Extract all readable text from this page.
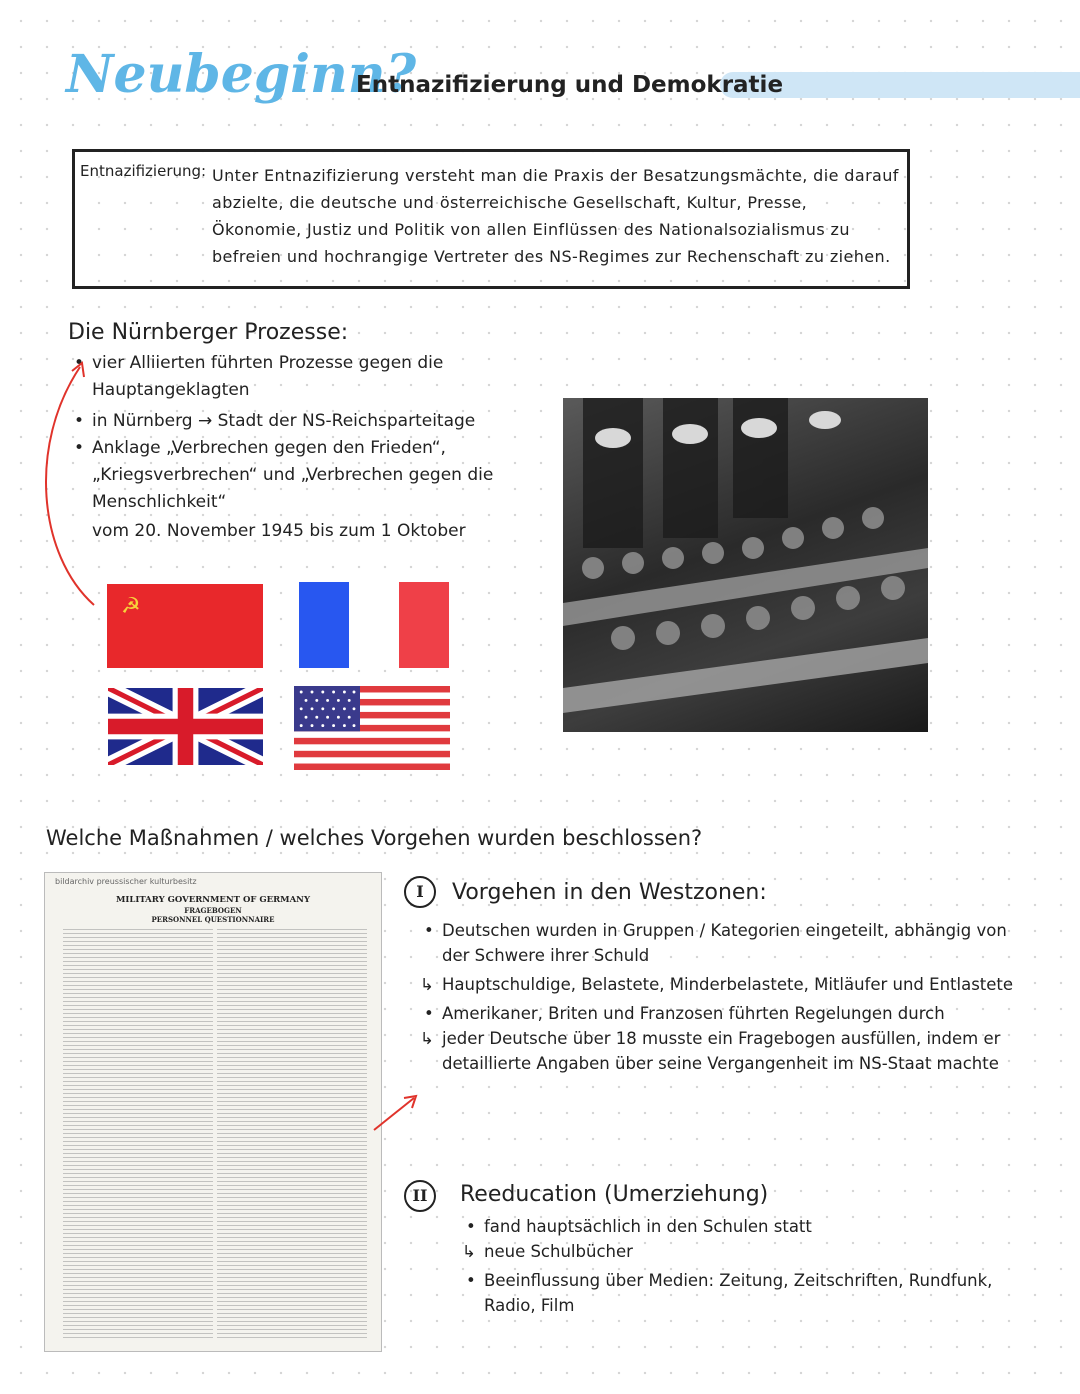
Neubeginn?
Entnazifizierung und Demokratie
Entnazifizierung: Unter Entnazifizierung versteht man die Praxis der Besatzungsmächte, die darauf abzielte, die deutsche und österreichische Gesellschaft, Kultur, Presse, Ökonomie, Justiz und Politik von allen Einflüssen des Nationalsozialismus zu befreien und hochrangige Vertreter des NS-Regimes zur Rechenschaft zu ziehen.
Die Nürnberger Prozesse:
• vier Alliierten führten Prozesse gegen die Hauptangeklagten
• in Nürnberg → Stadt der NS-Reichsparteitage
• Anklage „Verbrechen gegen den Frieden“, „Kriegsverbrechen“ und „Verbrechen gegen die Menschlichkeit“
vom 20. November 1945 bis zum 1 Oktober
☭
Welche Maßnahmen / welches Vorgehen wurden beschlossen?
bildarchiv preussischer kulturbesitz
MILITARY GOVERNMENT OF GERMANY
FRAGEBOGEN
PERSONNEL QUESTIONNAIRE
I	Vorgehen in den Westzonen:
• Deutschen wurden in Gruppen / Kategorien eingeteilt, abhängig von der Schwere ihrer Schuld
↳ Hauptschuldige, Belastete, Minderbelastete, Mitläufer und Entlastete
• Amerikaner, Briten und Franzosen führten Regelungen durch
↳ jeder Deutsche über 18 musste ein Fragebogen ausfüllen, indem er detaillierte Angaben über seine Vergangenheit im NS-Staat machte
II	Reeducation (Umerziehung)
• fand hauptsächlich in den Schulen statt
↳ neue Schulbücher
• Beeinflussung über Medien: Zeitung, Zeitschriften, Rundfunk, Radio, Film
